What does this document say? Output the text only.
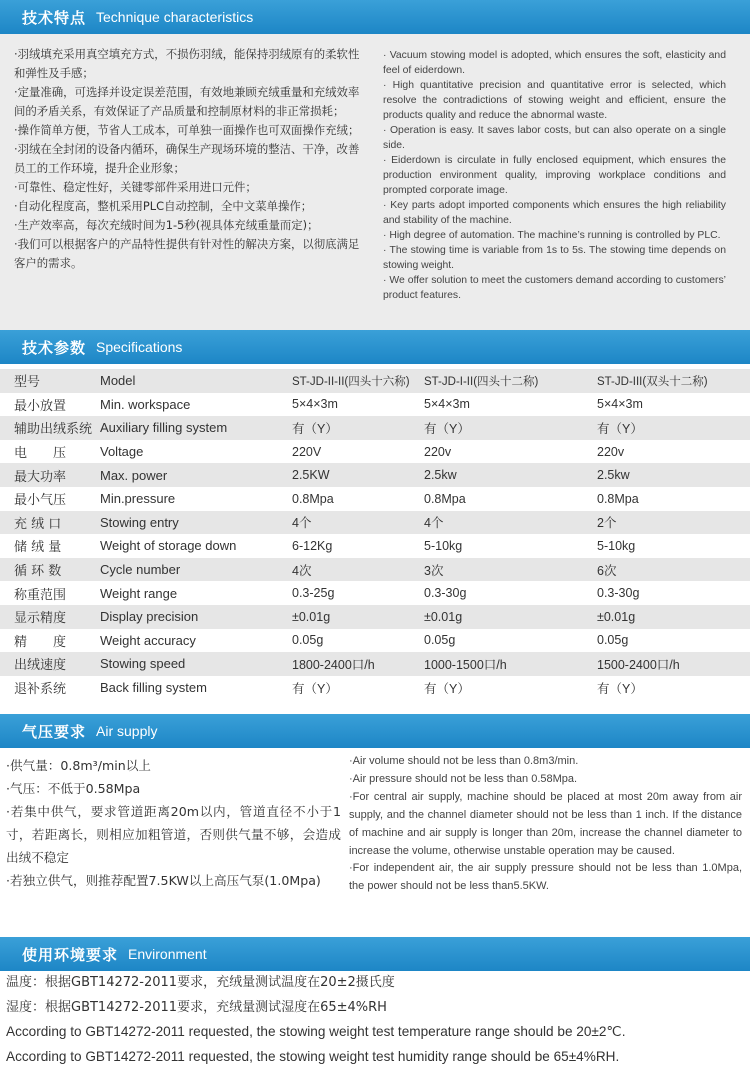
技术特点 Technique characteristics

·羽绒填充采用真空填充方式，不损伤羽绒，能保持羽绒原有的柔软性和弹性及手感；

·定量准确，可选择并设定误差范围，有效地兼顾充绒重量和充绒效率间的矛盾关系，有效保证了产品质量和控制原材料的非正常损耗；

·操作简单方便，节省人工成本，可单独一面操作也可双面操作充绒；

·羽绒在全封闭的设备内循环，确保生产现场环境的整洁、干净，改善员工的工作环境，提升企业形象；

·可靠性、稳定性好，关键零部件采用进口元件；

·自动化程度高，整机采用PLC自动控制，全中文菜单操作；

·生产效率高，每次充绒时间为1-5秒(视具体充绒重量而定)；

·我们可以根据客户的产品特性提供有针对性的解决方案，以彻底满足客户的需求。

· Vacuum stowing model is adopted, which ensures the soft, elasticity and feel of eiderdown.

· High quantitative precision and quantitative error is selected, which resolve the contradictions of stowing weight and efficient, ensure the products quality and reduce the abnormal waste.

· Operation is easy. It saves labor costs, but can also operate on a single side.

· Eiderdown is circulate in fully enclosed equipment, which ensures the production environment quality, improving workplace conditions and prompted corporate image.

· Key parts adopt imported components which ensures the high reliability and stability of the machine.

· High degree of automation. The machine’s running is controlled by PLC.

· The stowing time is variable from 1s to 5s. The stowing time depends on stowing weight.

· We offer solution to meet the customers demand according to customers’ product features.

技术参数 Specifications
型号	Model	ST-JD-II-II(四头十六称)	ST-JD-I-II(四头十二称)	ST-JD-III(双头十二称)
最小放置	Min. workspace	5×4×3m	5×4×3m	5×4×3m
辅助出绒系统 Auxiliary filling system	有（Y）	有（Y）	有（Y）
电　　压	Voltage	220V	220v	220v
最大功率	Max. power	2.5KW	2.5kw	2.5kw
最小气压	Min.pressure	0.8Mpa	0.8Mpa	0.8Mpa
充 绒 口	Stowing entry	4个	4个	2个
储 绒 量	Weight of storage down	6-12Kg	5-10kg	5-10kg
循 环 数	Cycle number	4次	3次	6次
称重范围	Weight range	0.3-25g	0.3-30g	0.3-30g
显示精度	Display precision	±0.01g	±0.01g	±0.01g
精　　度	Weight accuracy	0.05g	0.05g	0.05g
出绒速度	Stowing speed	1800-2400口/h	1000-1500口/h	1500-2400口/h
退补系统	Back filling system	有（Y）	有（Y）	有（Y）
气压要求 Air supply

·供气量：0.8m³/min以上

·气压：不低于0.58Mpa

·若集中供气，要求管道距离20m以内，管道直径不小于1寸，若距离长，则相应加粗管道，否则供气量不够，会造成出绒不稳定

·若独立供气，则推荐配置7.5KW以上高压气泵(1.0Mpa)

·Air volume should not be less than 0.8m3/min.

·Air pressure should not be less than 0.58Mpa.

·For central air supply, machine should be placed at most 20m away from air supply, and the channel diameter should not be less than 1 inch. If the distance of machine and air supply is longer than 20m, increase the channel diameter to increase the volume, otherwise unstable operation may be caused.

·For independent air, the air supply pressure should not be less than 1.0Mpa, the power should not be less than5.5KW.

使用环境要求 Environment

温度：根据GBT14272-2011要求，充绒量测试温度在20±2摄氏度

湿度：根据GBT14272-2011要求，充绒量测试湿度在65±4%RH

According to GBT14272-2011 requested, the stowing weight test temperature range should be 20±2℃.

According to GBT14272-2011 requested, the stowing weight test humidity range should be 65±4%RH.
